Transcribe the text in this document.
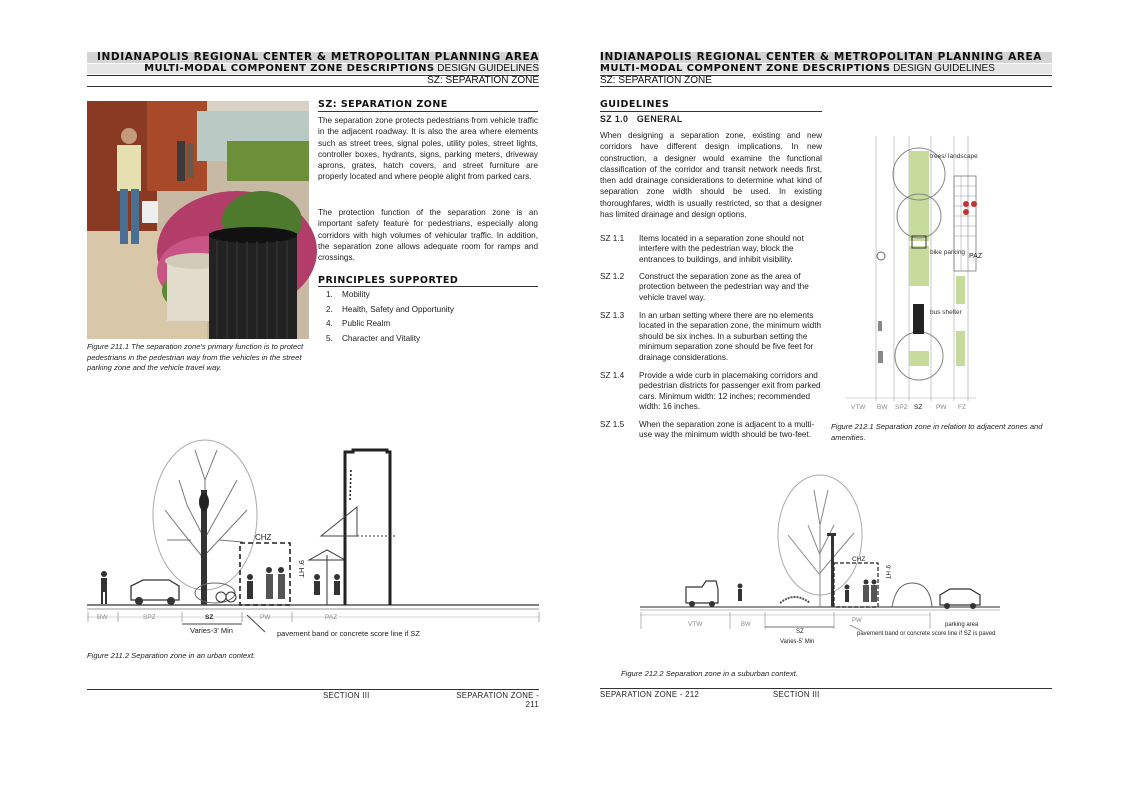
INDIANAPOLIS REGIONAL CENTER & METROPOLITAN PLANNING AREA
MULTI-MODAL COMPONENT ZONE DESCRIPTIONS DESIGN GUIDELINES
SZ: SEPARATION ZONE
Figure 211.1 The separation zone's primary function is to protect pedestrians in the pedestrian way from the vehicles in the street parking zone and the vehicle travel way.
SZ: SEPARATION ZONE
The separation zone protects pedestrians from vehicle traffic in the adjacent roadway. It is also the area where elements such as street trees, signal poles, utility poles, street lights, controller boxes, hydrants, signs, parking meters, driveway aprons, grates, hatch covers, and street furniture are properly located and where people alight from parked cars.
The protection function of the separation zone is an important safety feature for pedestrians, especially along corridors with high volumes of vehicular traffic. In addition, the separation zone allows adequate room for ramps and crossings.
PRINCIPLES SUPPORTED
1. Mobility
2. Health, Safety and Opportunity
4. Public Realm
5. Character and Vitality
CHZ
9' HT
BW	SPZ	SZ	PW	PAZ
Varies-3' Min	pavement band or concrete score line if SZ
Figure 211.2 Separation zone in an urban context.
SECTION III	SEPARATION ZONE - 211
INDIANAPOLIS REGIONAL CENTER & METROPOLITAN PLANNING AREA
MULTI-MODAL COMPONENT ZONE DESCRIPTIONS DESIGN GUIDELINES
SZ: SEPARATION ZONE
GUIDELINES
SZ 1.0   GENERAL
When designing a separation zone, existing and new corridors have different design implications. In new construction, a designer would examine the functional classification of the corridor and transit network needs first, then add drainage considerations to determine what kind of separation zone width should be used. In existing thoroughfares, width is usually restricted, so that a designer has limited drainage and design options.
SZ 1.1	Items located in a separation zone should not interfere with the pedestrian way, block the entrances to buildings, and inhibit visibility.
SZ 1.2	Construct the separation zone as the area of protection between the pedestrian way and the vehicle travel way.
SZ 1.3	In an urban setting where there are no elements located in the separation zone, the minimum width should be six inches. In a suburban setting the minimum separation zone should be five feet for drainage considerations.
SZ 1.4	Provide a wide curb in placemaking corridors and pedestrian districts for passenger exit from parked cars. Minimum width: 12 inches; recommended width: 16 inches.
SZ 1.5	When the separation zone is adjacent to a multi-use way the minimum width should be two-feet.
trees/ landscape
bike parking
PAZ
bus shelter
VTW BW SPZ SZ PW FZ
Figure 212.1 Separation zone in relation to adjacent zones and amenities.
CHZ
9' HT
VTW	BW
SZ
PW
Varies-5' Min
parking area
pavement band or concrete score line if SZ is paved
Figure 212.2 Separation zone in a suburban context.
SEPARATION ZONE - 212	SECTION III
